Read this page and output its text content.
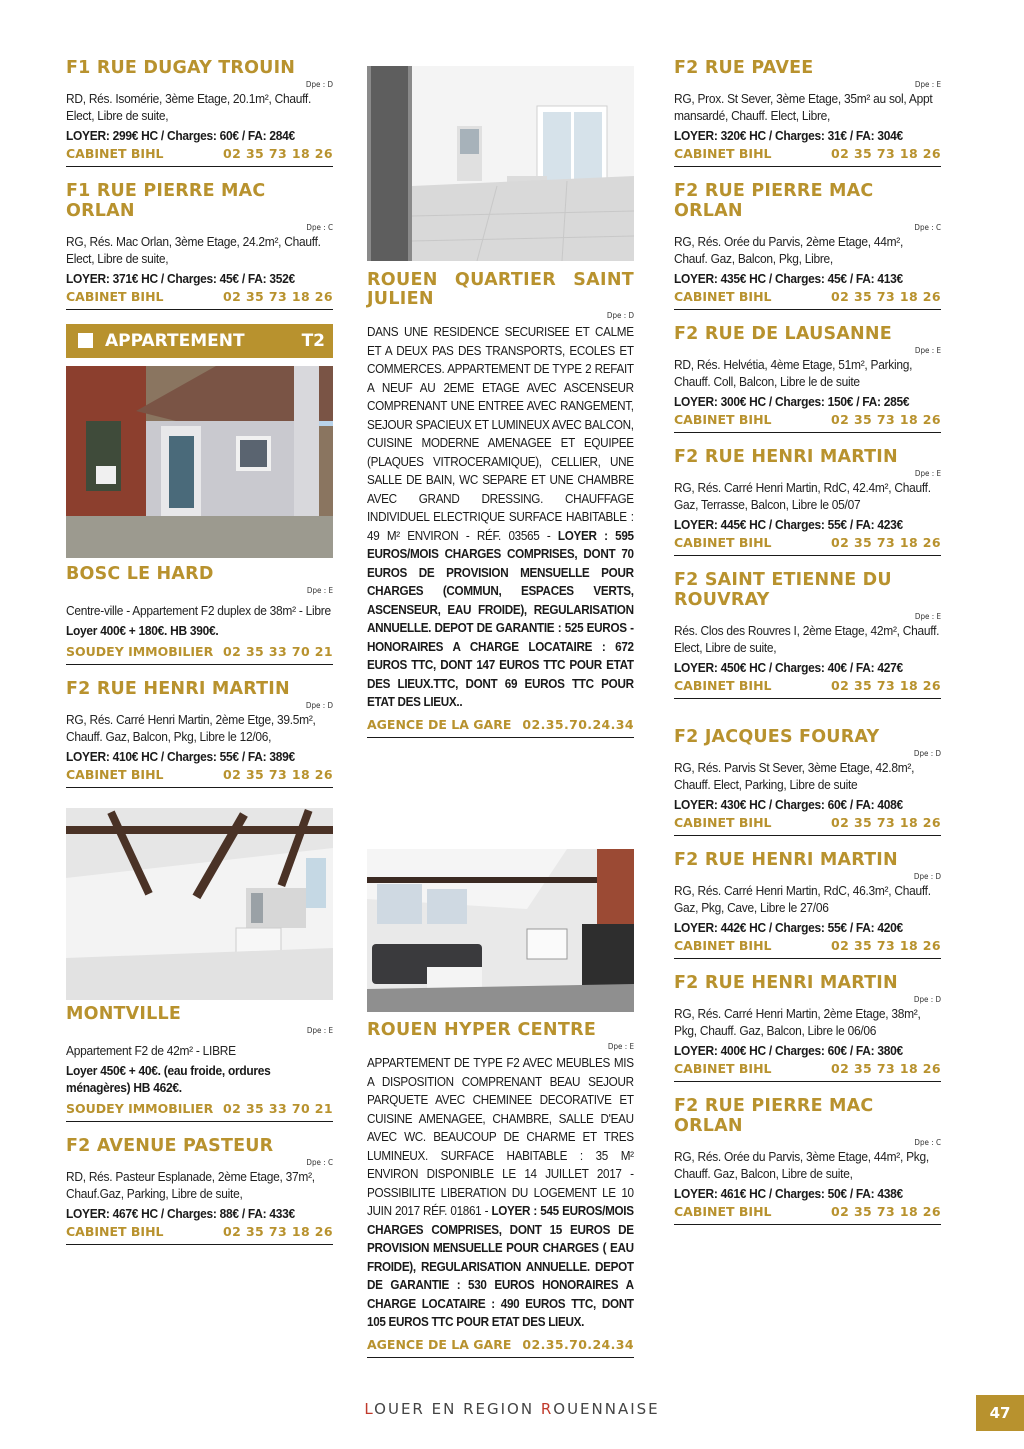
F1 RUE DUGAY TROUIN
Dpe : D
RD, Rés. Isomérie, 3ème Etage, 20.1m², Chauff. Elect, Libre de suite,
LOYER: 299€ HC / Charges: 60€ / FA: 284€
CABINET BIHL	02 35 73 18 26
F1 RUE PIERRE MAC ORLAN
Dpe : C
RG, Rés. Mac Orlan, 3ème Etage, 24.2m², Chauff. Elect, Libre de suite,
LOYER: 371€ HC / Charges: 45€ / FA: 352€
CABINET BIHL	02 35 73 18 26
APPARTEMENT	T2
BOSC LE HARD
Dpe : E
Centre-ville - Appartement F2 duplex de 38m² - Libre
Loyer 400€ + 180€. HB 390€.
SOUDEY IMMOBILIER 02 35 33 70 21
F2 RUE HENRI MARTIN
Dpe : D
RG, Rés. Carré Henri Martin, 2ème Etge, 39.5m², Chauff. Gaz, Balcon, Pkg, Libre le 12/06,
LOYER: 410€ HC / Charges: 55€ / FA: 389€
CABINET BIHL	02 35 73 18 26
MONTVILLE
Dpe : E
Appartement F2 de 42m² - LIBRE
Loyer 450€ + 40€. (eau froide, ordures ménagères) HB 462€.
SOUDEY IMMOBILIER 02 35 33 70 21
F2 AVENUE PASTEUR
Dpe : C
RD, Rés. Pasteur Esplanade, 2ème Etage, 37m², Chauf.Gaz, Parking, Libre de suite,
LOYER: 467€ HC / Charges: 88€ / FA: 433€
CABINET BIHL	02 35 73 18 26
ROUEN QUARTIER SAINT JULIEN
Dpe : D

DANS UNE RESIDENCE SECURISEE ET CALME ET A DEUX PAS DES TRANSPORTS, ECOLES ET COMMERCES. APPARTEMENT DE TYPE 2 REFAIT A NEUF AU 2EME ETAGE AVEC ASCENSEUR COMPRENANT UNE ENTREE AVEC RANGEMENT, SEJOUR SPACIEUX ET LUMINEUX AVEC BALCON, CUISINE MODERNE AMENAGEE ET EQUIPEE (PLAQUES VITROCERAMIQUE), CELLIER, UNE SALLE DE BAIN, WC SEPARE ET UNE CHAMBRE AVEC GRAND DRESSING. CHAUFFAGE INDIVIDUEL ELECTRIQUE SURFACE HABITABLE : 49 M² ENVIRON - RÉF. 03565 - LOYER : 595 EUROS/MOIS CHARGES COMPRISES, DONT 70 EUROS DE PROVISION MENSUELLE POUR CHARGES (COMMUN, ESPACES VERTS, ASCENSEUR, EAU FROIDE), REGULARISATION ANNUELLE. DEPOT DE GARANTIE : 525 EUROS - HONORAIRES A CHARGE LOCATAIRE : 672 EUROS TTC, DONT 147 EUROS TTC POUR ETAT DES LIEUX.TTC, DONT 69 EUROS TTC POUR ETAT DES LIEUX..

AGENCE DE LA GARE 02.35.70.24.34
ROUEN HYPER CENTRE
Dpe : E

APPARTEMENT DE TYPE F2 AVEC MEUBLES MIS A DISPOSITION COMPRENANT BEAU SEJOUR PARQUETE AVEC CHEMINEE DECORATIVE ET CUISINE AMENAGEE, CHAMBRE, SALLE D'EAU AVEC WC. BEAUCOUP DE CHARME ET TRES LUMINEUX. SURFACE HABITABLE : 35 M² ENVIRON DISPONIBLE LE 14 JUILLET 2017 - POSSIBILITE LIBERATION DU LOGEMENT LE 10 JUIN 2017 RÉF. 01861 - LOYER : 545 EUROS/MOIS CHARGES COMPRISES, DONT 15 EUROS DE PROVISION MENSUELLE POUR CHARGES ( EAU FROIDE), REGULARISATION ANNUELLE. DEPOT DE GARANTIE : 530 EUROS HONORAIRES A CHARGE LOCATAIRE : 490 EUROS TTC, DONT 105 EUROS TTC POUR ETAT DES LIEUX.

AGENCE DE LA GARE 02.35.70.24.34
F2 RUE PAVEE
Dpe : E
RG, Prox. St Sever, 3ème Etage, 35m² au sol, Appt mansardé, Chauff. Elect, Libre,
LOYER: 320€ HC / Charges: 31€ / FA: 304€
CABINET BIHL	02 35 73 18 26
F2 RUE PIERRE MAC ORLAN
Dpe : C
RG, Rés. Orée du Parvis, 2ème Etage, 44m², Chauf. Gaz, Balcon, Pkg, Libre,
LOYER: 435€ HC / Charges: 45€ / FA: 413€
CABINET BIHL	02 35 73 18 26
F2 RUE DE LAUSANNE
Dpe : E
RD, Rés. Helvétia, 4ème Etage, 51m², Parking, Chauff. Coll, Balcon, Libre le de suite
LOYER: 300€ HC / Charges: 150€ / FA: 285€
CABINET BIHL	02 35 73 18 26
F2 RUE HENRI MARTIN
Dpe : E
RG, Rés. Carré Henri Martin, RdC, 42.4m², Chauff. Gaz, Terrasse, Balcon, Libre le 05/07
LOYER: 445€ HC / Charges: 55€ / FA: 423€
CABINET BIHL	02 35 73 18 26
F2 SAINT ETIENNE DU ROUVRAY
Dpe : E
Rés. Clos des Rouvres I, 2ème Etage, 42m², Chauff. Elect, Libre de suite,
LOYER: 450€ HC / Charges: 40€ / FA: 427€
CABINET BIHL	02 35 73 18 26
F2 JACQUES FOURAY
Dpe : D
RG, Rés. Parvis St Sever, 3ème Etage, 42.8m², Chauff. Elect, Parking, Libre de suite
LOYER: 430€ HC / Charges: 60€ / FA: 408€
CABINET BIHL	02 35 73 18 26
F2 RUE HENRI MARTIN
Dpe : D
RG, Rés. Carré Henri Martin, RdC, 46.3m², Chauff. Gaz, Pkg, Cave, Libre le 27/06
LOYER: 442€ HC / Charges: 55€ / FA: 420€
CABINET BIHL	02 35 73 18 26
F2 RUE HENRI MARTIN
Dpe : D
RG, Rés. Carré Henri Martin, 2ème Etage, 38m², Pkg, Chauff. Gaz, Balcon, Libre le 06/06
LOYER: 400€ HC / Charges: 60€ / FA: 380€
CABINET BIHL	02 35 73 18 26
F2 RUE PIERRE MAC ORLAN
Dpe : C
RG, Rés. Orée du Parvis, 3ème Etage, 44m², Pkg, Chauff. Gaz, Balcon, Libre de suite,
LOYER: 461€ HC / Charges: 50€ / FA: 438€
CABINET BIHL	02 35 73 18 26
LOUER EN REGION ROUENNAISE	47
